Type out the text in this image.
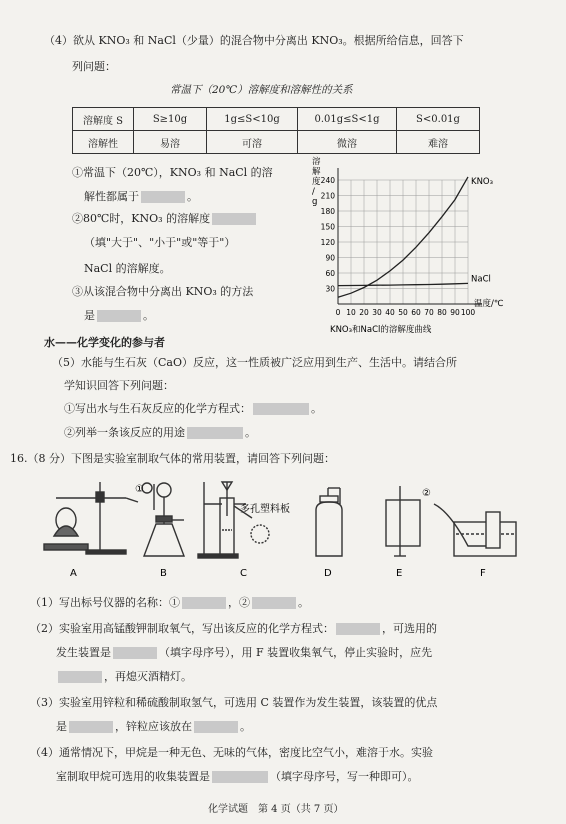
（4）欲从 KNO₃ 和 NaCl（少量）的混合物中分离出 KNO₃。根据所给信息，回答下
列问题：
常温下（20℃）溶解度和溶解性的关系
溶解度 S	S≥10g	1g≤S<10g	0.01g≤S<1g	S<0.01g
溶解性	易溶	可溶	微溶	难溶
①常温下（20℃），KNO₃ 和 NaCl 的溶
解性都属于	。
②80℃时，KNO₃ 的溶解度
（填"大于"、"小于"或"等于"）
NaCl 的溶解度。
③从该混合物中分离出 KNO₃ 的方法
是	。	0 10 20 30 40 50 60 70 80 90 100
30
60
90
120
150
180
210
240
溶解度/ g
温度/℃
KNO₃
NaCl
KNO₃和NaCl的溶解度曲线
水——化学变化的参与者
（5）水能与生石灰（CaO）反应，这一性质被广泛应用到生产、生活中。请结合所
学知识回答下列问题：
①写出水与生石灰反应的化学方程式：	。
②列举一条该反应的用途	。
16.（8 分）下图是实验室制取气体的常用装置，请回答下列问题：
A	B	C	D	E	F
①	②
多孔塑料板
（1）写出标号仪器的名称：①	，②	。
（2）实验室用高锰酸钾制取氧气，写出该反应的化学方程式：	，可选用的
发生装置是	（填字母序号），用 F 装置收集氧气，停止实验时，应先
，再熄灭酒精灯。
（3）实验室用锌粒和稀硫酸制取氢气，可选用 C 装置作为发生装置，该装置的优点
是	，锌粒应该放在	。
（4）通常情况下，甲烷是一种无色、无味的气体，密度比空气小，难溶于水。实验
室制取甲烷可选用的收集装置是	（填字母序号，写一种即可）。
化学试题　第 4 页（共 7 页）
